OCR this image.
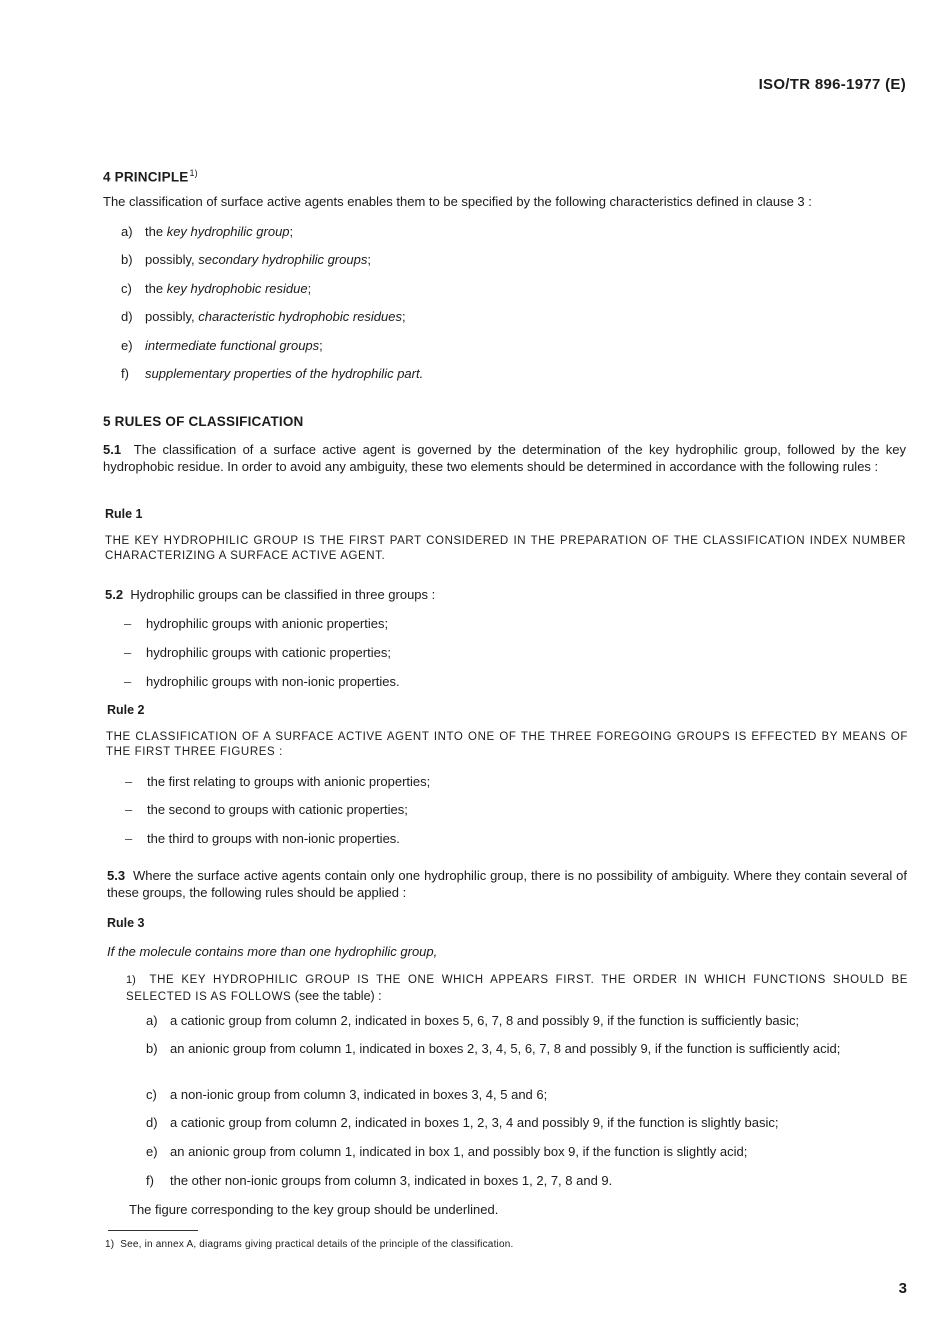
ISO/TR 896-1977 (E)
4 PRINCIPLE$^{1)}$
The classification of surface active agents enables them to be specified by the following characteristics defined in clause 3 :
a) the key hydrophilic group;
b) possibly, secondary hydrophilic groups;
c) the key hydrophobic residue;
d) possibly, characteristic hydrophobic residues;
e) intermediate functional groups;
f) supplementary properties of the hydrophilic part.
5 RULES OF CLASSIFICATION
5.1 The classification of a surface active agent is governed by the determination of the key hydrophilic group, followed by the key hydrophobic residue. In order to avoid any ambiguity, these two elements should be determined in accordance with the following rules :
Rule 1
THE KEY HYDROPHILIC GROUP IS THE FIRST PART CONSIDERED IN THE PREPARATION OF THE CLASSIFICATION INDEX NUMBER CHARACTERIZING A SURFACE ACTIVE AGENT.
5.2 Hydrophilic groups can be classified in three groups :
– hydrophilic groups with anionic properties;
– hydrophilic groups with cationic properties;
– hydrophilic groups with non-ionic properties.
Rule 2
THE CLASSIFICATION OF A SURFACE ACTIVE AGENT INTO ONE OF THE THREE FOREGOING GROUPS IS EFFECTED BY MEANS OF THE FIRST THREE FIGURES :
– the first relating to groups with anionic properties;
– the second to groups with cationic properties;
– the third to groups with non-ionic properties.
5.3 Where the surface active agents contain only one hydrophilic group, there is no possibility of ambiguity. Where they contain several of these groups, the following rules should be applied :
Rule 3
If the molecule contains more than one hydrophilic group,
1) THE KEY HYDROPHILIC GROUP IS THE ONE WHICH APPEARS FIRST. THE ORDER IN WHICH FUNCTIONS SHOULD BE SELECTED IS AS FOLLOWS (see the table) :
a) a cationic group from column 2, indicated in boxes 5, 6, 7, 8 and possibly 9, if the function is sufficiently basic;
b) an anionic group from column 1, indicated in boxes 2, 3, 4, 5, 6, 7, 8 and possibly 9, if the function is sufficiently acid;
c) a non-ionic group from column 3, indicated in boxes 3, 4, 5 and 6;
d) a cationic group from column 2, indicated in boxes 1, 2, 3, 4 and possibly 9, if the function is slightly basic;
e) an anionic group from column 1, indicated in box 1, and possibly box 9, if the function is slightly acid;
f) the other non-ionic groups from column 3, indicated in boxes 1, 2, 7, 8 and 9.
The figure corresponding to the key group should be underlined.
1) See, in annex A, diagrams giving practical details of the principle of the classification.
3
